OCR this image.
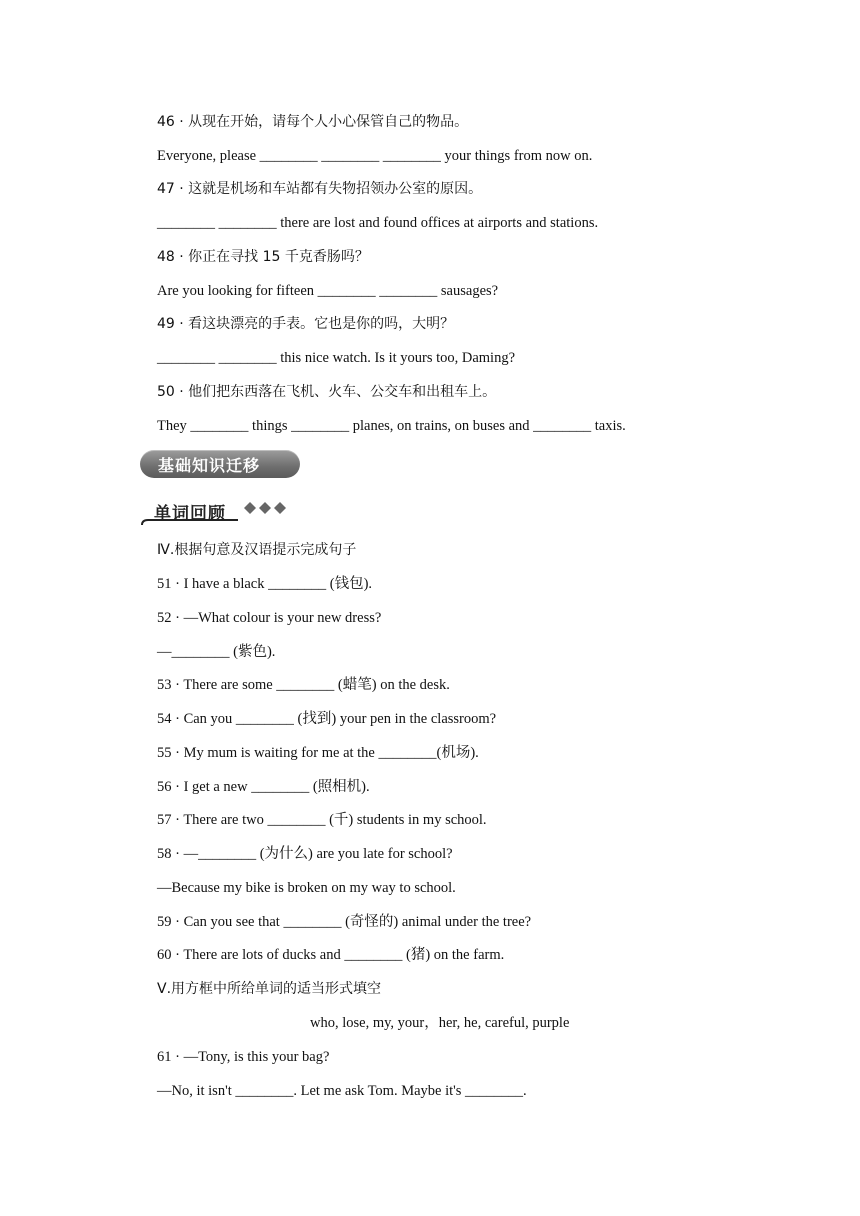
46 · 从现在开始，请每个人小心保管自己的物品。
Everyone, please ________ ________ ________ your things from now on.
47 · 这就是机场和车站都有失物招领办公室的原因。
________ ________ there are lost and found offices at airports and stations.
48 · 你正在寻找 15 千克香肠吗？
Are you looking for fifteen ________ ________ sausages?
49 · 看这块漂亮的手表。它也是你的吗，大明？
________ ________ this nice watch. Is it yours too, Daming?
50 · 他们把东西落在飞机、火车、公交车和出租车上。
They ________ things ________ planes, on trains, on buses and ________ taxis.
基础知识迁移
单词回顾
Ⅳ.根据句意及汉语提示完成句子
51 · I have a black ________ (钱包).
52 · —What colour is your new dress?
—________ (紫色).
53 · There are some ________ (蜡笔) on the desk.
54 · Can you ________ (找到) your pen in the classroom?
55 · My mum is waiting for me at the ________(机场).
56 · I get a new ________ (照相机).
57 · There are two ________ (千) students in my school.
58 · —________ (为什么) are you late for school?
—Because my bike is broken on my way to school.
59 · Can you see that ________ (奇怪的) animal under the tree?
60 · There are lots of ducks and ________ (猪) on the farm.
Ⅴ.用方框中所给单词的适当形式填空
who, lose, my, your，her, he, careful, purple
61 · —Tony, is this your bag?
—No, it isn't ________. Let me ask Tom. Maybe it's ________.
